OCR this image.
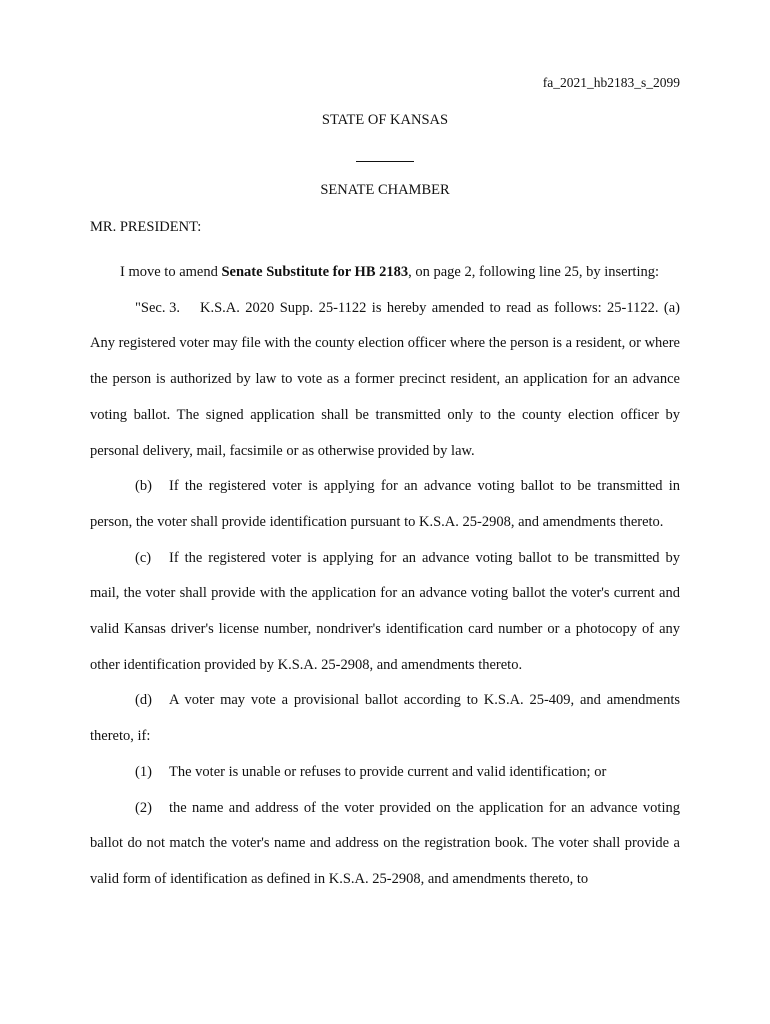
fa_2021_hb2183_s_2099
STATE OF KANSAS
SENATE CHAMBER
MR. PRESIDENT:

I move to amend Senate Substitute for HB 2183, on page 2, following line 25, by inserting:

"Sec. 3. K.S.A. 2020 Supp. 25-1122 is hereby amended to read as follows: 25-1122. (a) Any registered voter may file with the county election officer where the person is a resident, or where the person is authorized by law to vote as a former precinct resident, an application for an advance voting ballot. The signed application shall be transmitted only to the county election officer by personal delivery, mail, facsimile or as otherwise provided by law.

(b) If the registered voter is applying for an advance voting ballot to be transmitted in person, the voter shall provide identification pursuant to K.S.A. 25-2908, and amendments thereto.

(c) If the registered voter is applying for an advance voting ballot to be transmitted by mail, the voter shall provide with the application for an advance voting ballot the voter's current and valid Kansas driver's license number, nondriver's identification card number or a photocopy of any other identification provided by K.S.A. 25-2908, and amendments thereto.

(d) A voter may vote a provisional ballot according to K.S.A. 25-409, and amendments thereto, if:

(1) The voter is unable or refuses to provide current and valid identification; or

(2) the name and address of the voter provided on the application for an advance voting ballot do not match the voter's name and address on the registration book. The voter shall provide a valid form of identification as defined in K.S.A. 25-2908, and amendments thereto, to
